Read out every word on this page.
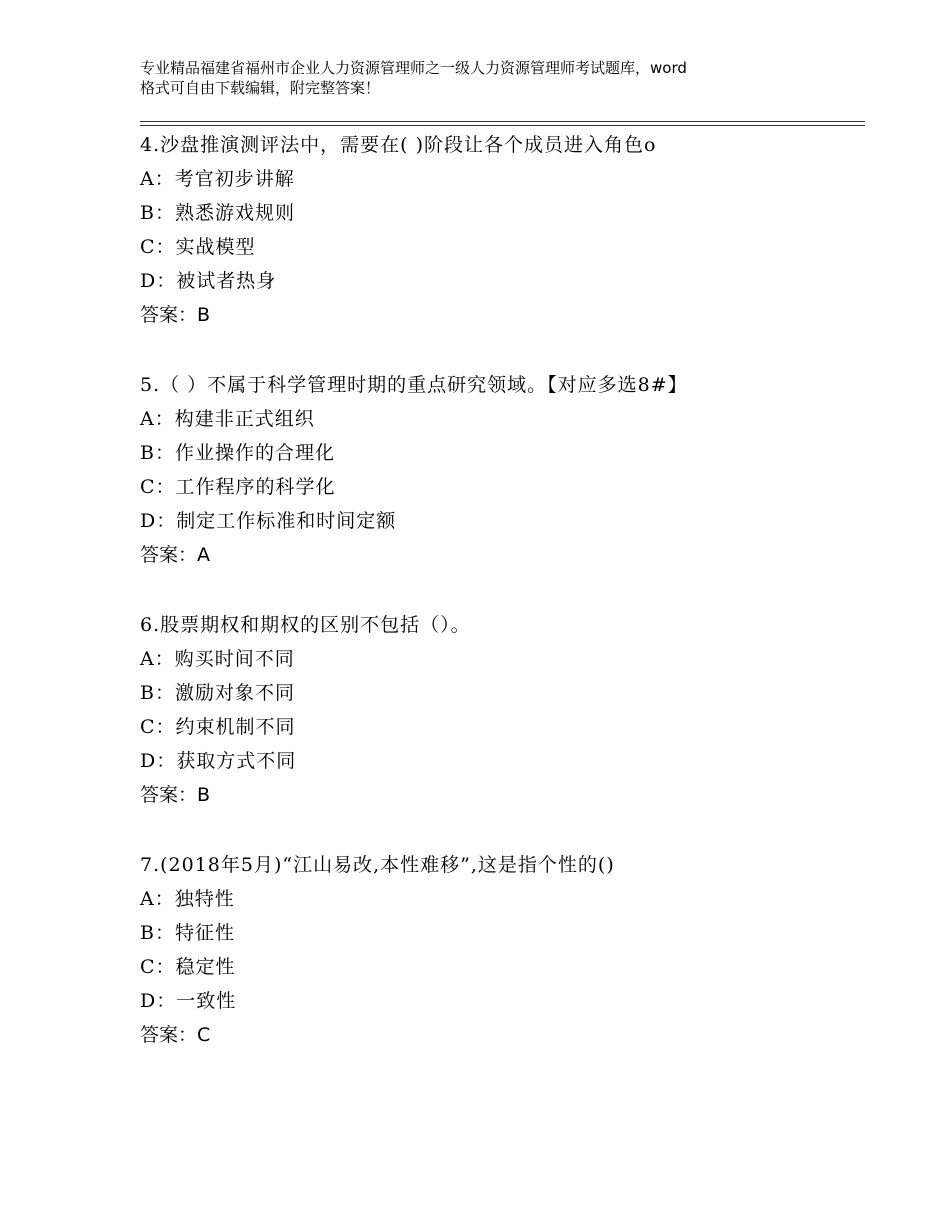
专业精品福建省福州市企业人力资源管理师之一级人力资源管理师考试题库，word
格式可自由下载编辑，附完整答案！
4.沙盘推演测评法中，需要在( )阶段让各个成员进入角色o
A：考官初步讲解
B：熟悉游戏规则
C：实战模型
D：被试者热身
答案：B
5.（ ）不属于科学管理时期的重点研究领域。【对应多选8#】
A：构建非正式组织
B：作业操作的合理化
C：工作程序的科学化
D：制定工作标准和时间定额
答案：A
6.股票期权和期权的区别不包括（）。
A：购买时间不同
B：激励对象不同
C：约束机制不同
D：获取方式不同
答案：B
7.(2018年5月)“江山易改,本性难移”,这是指个性的()
A：独特性
B：特征性
C：稳定性
D：一致性
答案：C
